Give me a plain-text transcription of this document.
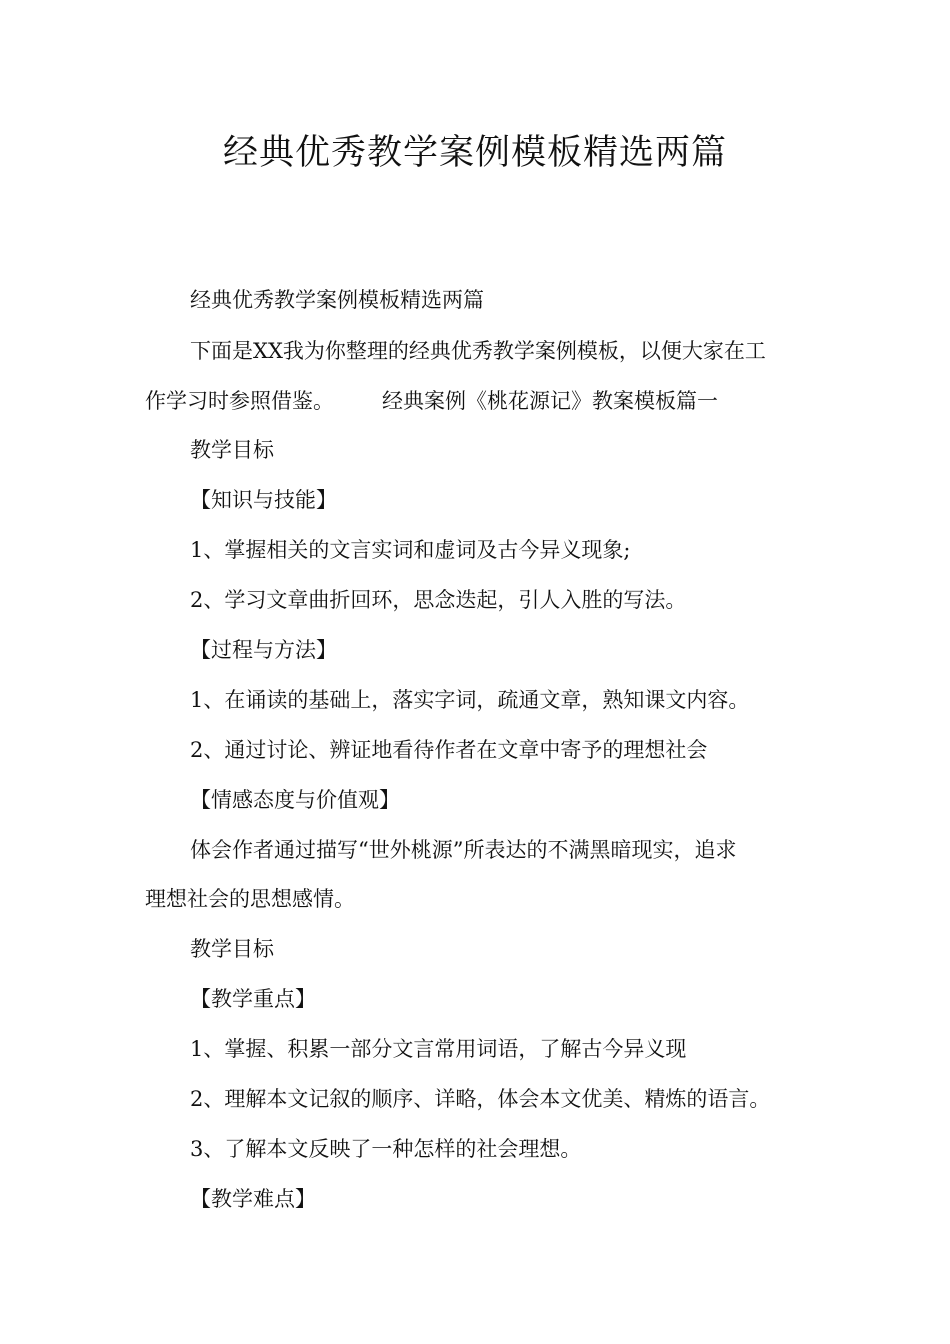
经典优秀教学案例模板精选两篇

经典优秀教学案例模板精选两篇

下面是XX我为你整理的经典优秀教学案例模板，以便大家在工

作学习时参照借鉴。 经典案例《桃花源记》教案模板篇一

教学目标

【知识与技能】

1、掌握相关的文言实词和虚词及古今异义现象;

2、学习文章曲折回环，思念迭起，引人入胜的写法。

【过程与方法】

1、在诵读的基础上，落实字词，疏通文章，熟知课文内容。

2、通过讨论、辨证地看待作者在文章中寄予的理想社会

【情感态度与价值观】

体会作者通过描写“世外桃源”所表达的不满黑暗现实，追求

理想社会的思想感情。

教学目标

【教学重点】

1、掌握、积累一部分文言常用词语，了解古今异义现

2、理解本文记叙的顺序、详略，体会本文优美、精炼的语言。

3、了解本文反映了一种怎样的社会理想。

【教学难点】
